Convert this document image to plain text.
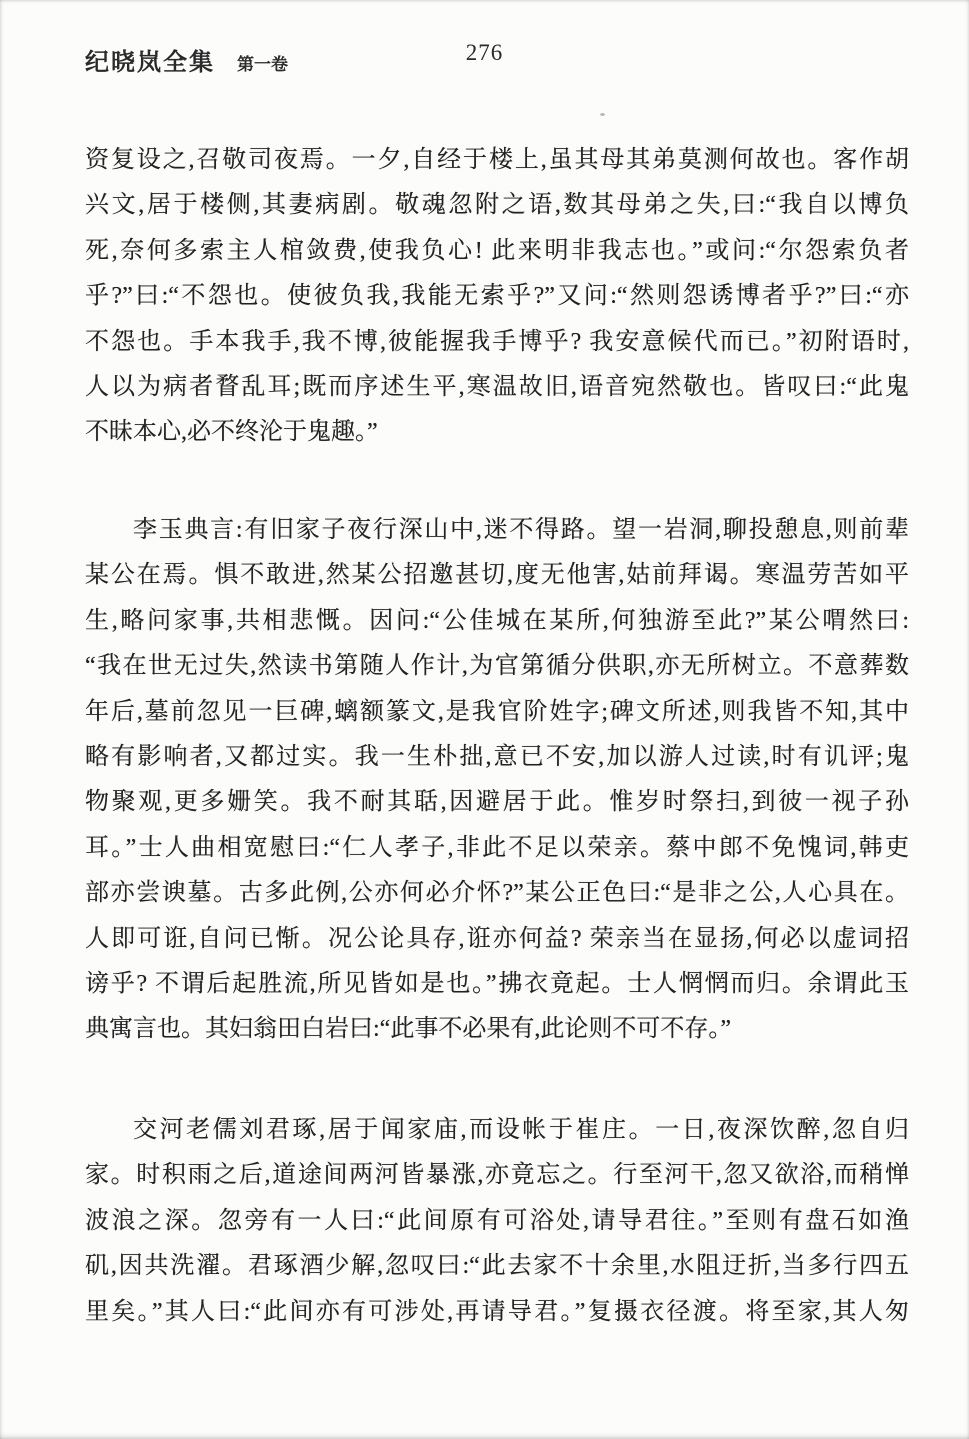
纪晓岚全集 第一卷	276
资复设之,召敬司夜焉。一夕,自经于楼上,虽其母其弟莫测何故也。客作胡
兴文,居于楼侧,其妻病剧。敬魂忽附之语,数其母弟之失,曰:“我自以博负
死,奈何多索主人棺敛费,使我负心! 此来明非我志也。”或问:“尔怨索负者
乎?”曰:“不怨也。使彼负我,我能无索乎?”又问:“然则怨诱博者乎?”曰:“亦
不怨也。手本我手,我不博,彼能握我手博乎? 我安意候代而已。”初附语时,
人以为病者瞀乱耳;既而序述生平,寒温故旧,语音宛然敬也。皆叹曰:“此鬼
不昧本心,必不终沦于鬼趣。”
李玉典言:有旧家子夜行深山中,迷不得路。望一岩洞,聊投憩息,则前辈
某公在焉。惧不敢进,然某公招邀甚切,度无他害,姑前拜谒。寒温劳苦如平
生,略问家事,共相悲慨。因问:“公佳城在某所,何独游至此?”某公喟然曰:
“我在世无过失,然读书第随人作计,为官第循分供职,亦无所树立。不意葬数
年后,墓前忽见一巨碑,螭额篆文,是我官阶姓字;碑文所述,则我皆不知,其中
略有影响者,又都过实。我一生朴拙,意已不安,加以游人过读,时有讥评;鬼
物聚观,更多姗笑。我不耐其聒,因避居于此。惟岁时祭扫,到彼一视子孙
耳。”士人曲相宽慰曰:“仁人孝子,非此不足以荣亲。蔡中郎不免愧词,韩吏
部亦尝谀墓。古多此例,公亦何必介怀?”某公正色曰:“是非之公,人心具在。
人即可诳,自问已惭。况公论具存,诳亦何益? 荣亲当在显扬,何必以虚词招
谤乎? 不谓后起胜流,所见皆如是也。”拂衣竟起。士人惘惘而归。余谓此玉
典寓言也。其妇翁田白岩曰:“此事不必果有,此论则不可不存。”
交河老儒刘君琢,居于闻家庙,而设帐于崔庄。一日,夜深饮醉,忽自归
家。时积雨之后,道途间两河皆暴涨,亦竟忘之。行至河干,忽又欲浴,而稍惮
波浪之深。忽旁有一人曰:“此间原有可浴处,请导君往。”至则有盘石如渔
矶,因共洗濯。君琢酒少解,忽叹曰:“此去家不十余里,水阻迂折,当多行四五
里矣。”其人曰:“此间亦有可涉处,再请导君。”复摄衣径渡。将至家,其人匆
